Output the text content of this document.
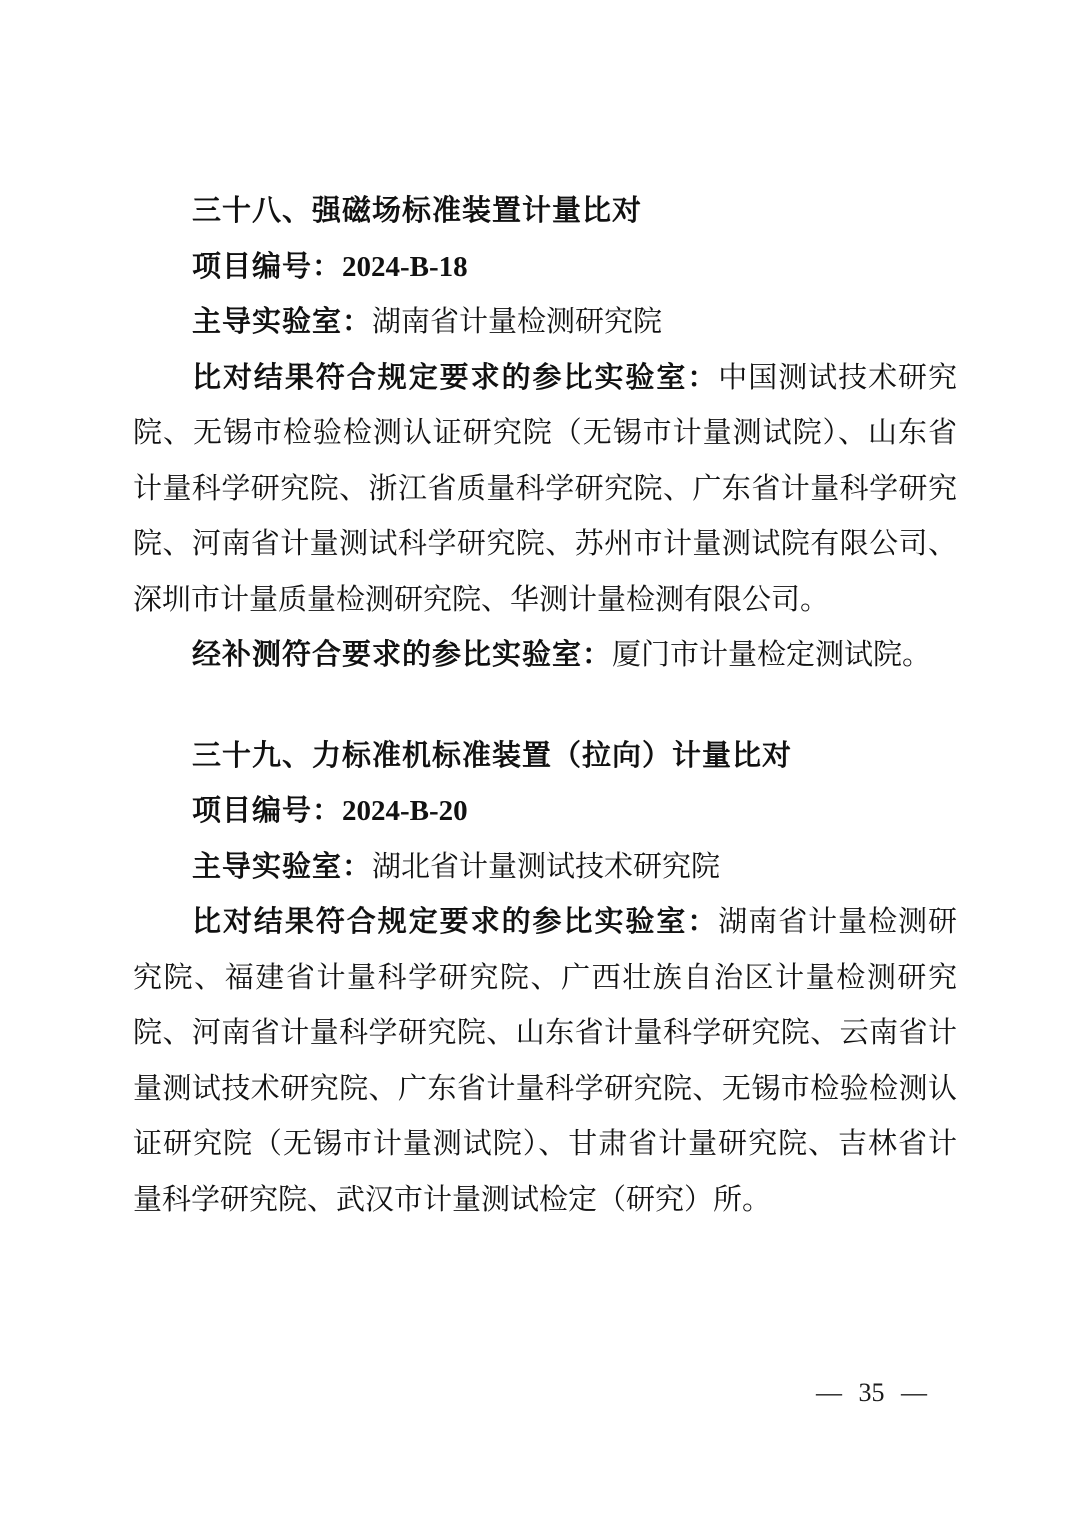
三十八、强磁场标准装置计量比对

项目编号：2024-B-18

主导实验室：湖南省计量检测研究院

比对结果符合规定要求的参比实验室：中国测试技术研究院、无锡市检验检测认证研究院（无锡市计量测试院）、山东省计量科学研究院、浙江省质量科学研究院、广东省计量科学研究院、河南省计量测试科学研究院、苏州市计量测试院有限公司、深圳市计量质量检测研究院、华测计量检测有限公司。

经补测符合要求的参比实验室：厦门市计量检定测试院。

三十九、力标准机标准装置（拉向）计量比对

项目编号：2024-B-20

主导实验室：湖北省计量测试技术研究院

比对结果符合规定要求的参比实验室：湖南省计量检测研究院、福建省计量科学研究院、广西壮族自治区计量检测研究院、河南省计量科学研究院、山东省计量科学研究院、云南省计量测试技术研究院、广东省计量科学研究院、无锡市检验检测认证研究院（无锡市计量测试院）、甘肃省计量研究院、吉林省计量科学研究院、武汉市计量测试检定（研究）所。

— 35 —
